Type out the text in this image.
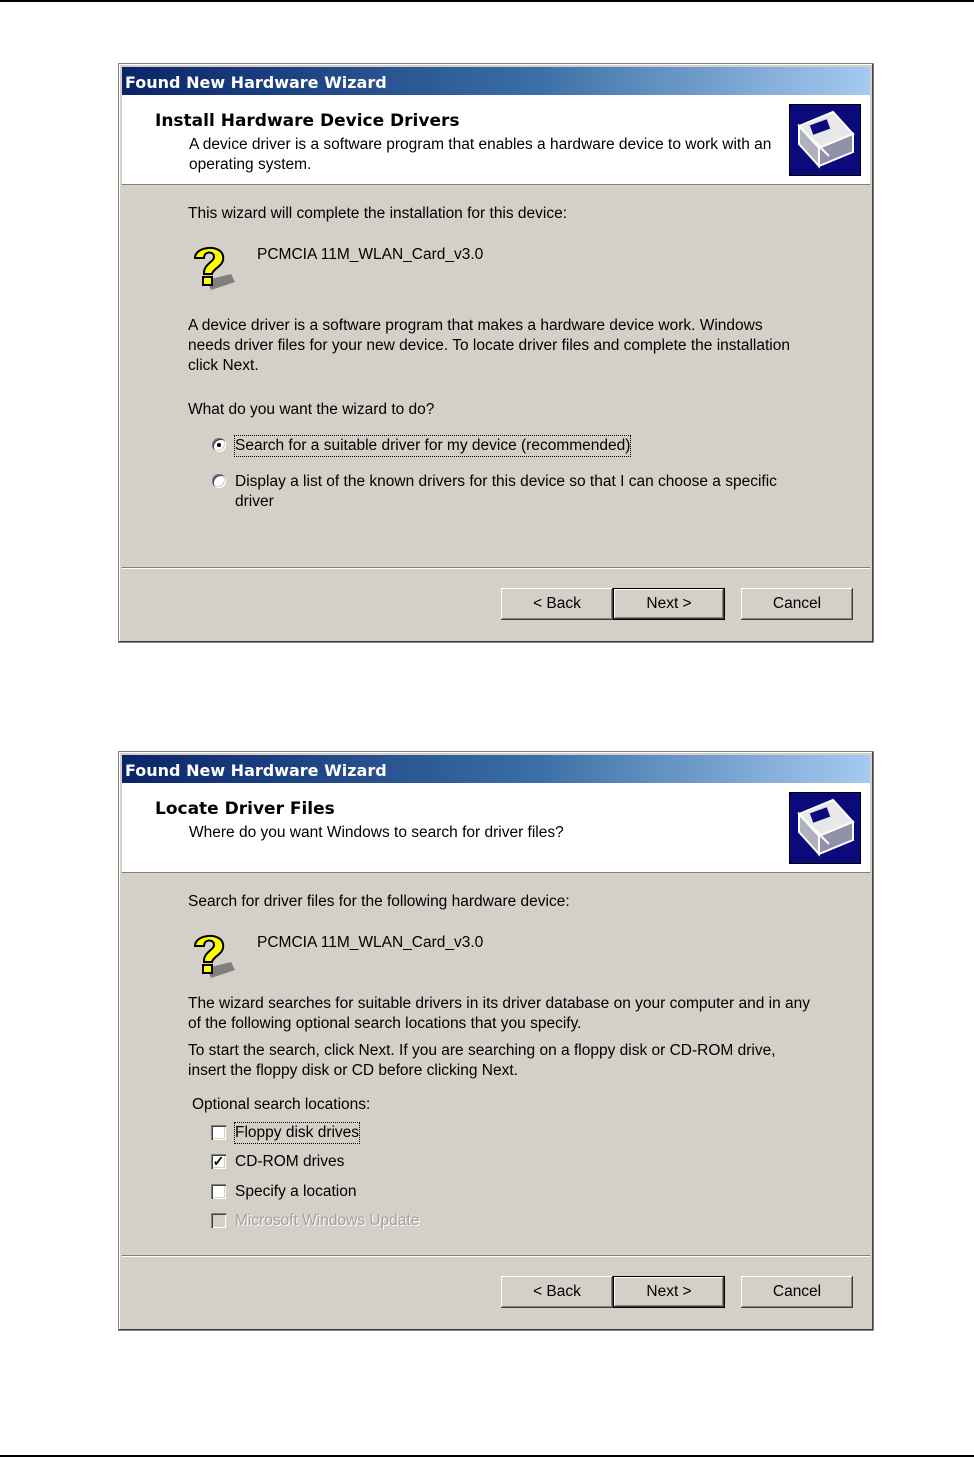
Found New Hardware Wizard
Install Hardware Device Drivers
A device driver is a software program that enables a hardware device to work with an operating system.
This wizard will complete the installation for this device:
PCMCIA 11M_WLAN_Card_v3.0
A device driver is a software program that makes a hardware device work. Windows needs driver files for your new device. To locate driver files and complete the installation click Next.
What do you want the wizard to do?
Search for a suitable driver for my device (recommended)
Display a list of the known drivers for this device so that I can choose a specific driver
< Back	Next >	Cancel
Found New Hardware Wizard
Locate Driver Files
Where do you want Windows to search for driver files?
Search for driver files for the following hardware device:
PCMCIA 11M_WLAN_Card_v3.0
The wizard searches for suitable drivers in its driver database on your computer and in any of the following optional search locations that you specify.
To start the search, click Next. If you are searching on a floppy disk or CD-ROM drive, insert the floppy disk or CD before clicking Next.
Optional search locations:
Floppy disk drives
✓ CD-ROM drives
Specify a location
Microsoft Windows Update
< Back	Next >	Cancel
